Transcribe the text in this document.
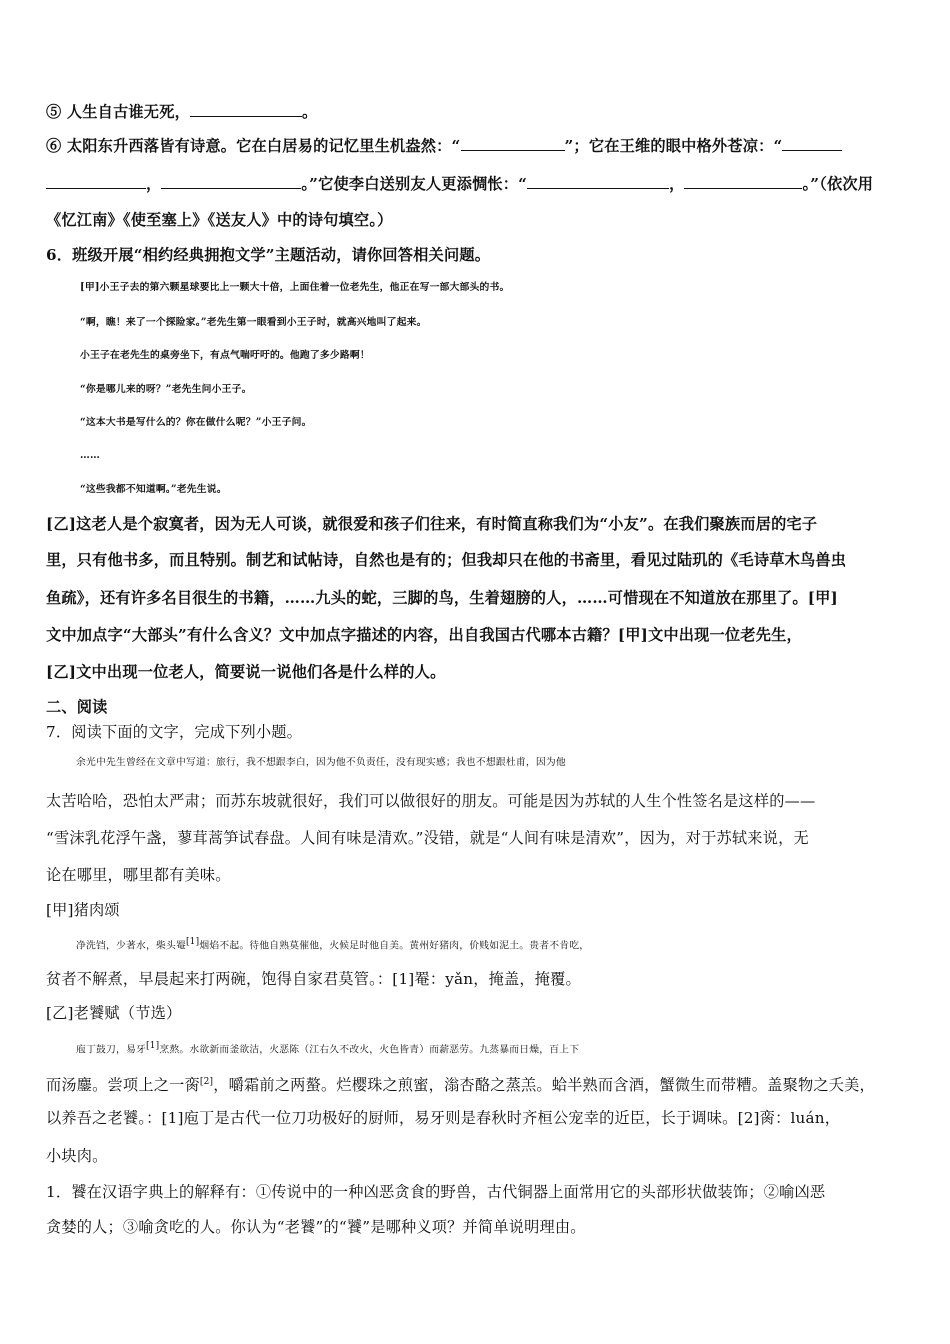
⑤ 人生自古谁无死，	。
⑥ 太阳东升西落皆有诗意。它在白居易的记忆里生机盎然：“	”；它在王维的眼中格外苍凉：“
，	。”它使李白送别友人更添惆怅：“	，	。”（依次用
《忆江南》《使至塞上》《送友人》中的诗句填空。）
6．班级开展“相约经典拥抱文学”主题活动，请你回答相关问题。
[甲]小王子去的第六颗星球要比上一颗大十倍，上面住着一位老先生，他正在写一部大部头的书。
“啊，瞧！来了一个探险家。”老先生第一眼看到小王子时，就高兴地叫了起来。
小王子在老先生的桌旁坐下，有点气喘吁吁的。他跑了多少路啊！
“你是哪儿来的呀？”老先生问小王子。
“这本大书是写什么的？你在做什么呢？”小王子问。
……
“这些我都不知道啊。”老先生说。
[乙]这老人是个寂寞者，因为无人可谈，就很爱和孩子们往来，有时简直称我们为“小友”。在我们聚族而居的宅子
里，只有他书多，而且特别。制艺和试帖诗，自然也是有的；但我却只在他的书斋里，看见过陆玑的《毛诗草木鸟兽虫
鱼疏》，还有许多名目很生的书籍，……九头的蛇，三脚的鸟，生着翅膀的人，……可惜现在不知道放在那里了。[甲]
文中加点字“大部头”有什么含义？文中加点字描述的内容，出自我国古代哪本古籍？[甲]文中出现一位老先生，
[乙]文中出现一位老人，简要说一说他们各是什么样的人。
二、阅读
7．阅读下面的文字，完成下列小题。
余光中先生曾经在文章中写道：旅行，我不想跟李白，因为他不负责任，没有现实感；我也不想跟杜甫，因为他
太苦哈哈，恐怕太严肃；而苏东坡就很好，我们可以做很好的朋友。可能是因为苏轼的人生个性签名是这样的——
“雪沫乳花浮午盏，蓼茸蒿笋试春盘。人间有味是清欢。”没错，就是“人间有味是清欢”，因为，对于苏轼来说，无
论在哪里，哪里都有美味。
[甲]猪肉颂
净洗铛，少著水，柴头罨[1]烟焰不起。待他自熟莫催他，火候足时他自美。黄州好猪肉，价贱如泥土。贵者不肯吃，
贫者不解煮，早晨起来打两碗，饱得自家君莫管。：[1]罨：yǎn，掩盖，掩覆。
[乙]老饕赋（节选）
庖丁鼓刀，易牙[1]烹熬。水欲新而釜欲洁，火恶陈（江右久不改火，火色皆青）而薪恶劳。九蒸暴而日燥，百上下
而汤鏖。尝项上之一脔[2]，嚼霜前之两螯。烂樱珠之煎蜜，滃杏酪之蒸羔。蛤半熟而含酒，蟹微生而带糟。盖聚物之夭美，
以养吾之老饕。：[1]庖丁是古代一位刀功极好的厨师，易牙则是春秋时齐桓公宠幸的近臣，长于调味。[2]脔：luán，
小块肉。
1．饕在汉语字典上的解释有：①传说中的一种凶恶贪食的野兽，古代铜器上面常用它的头部形状做装饰；②喻凶恶
贪婪的人；③喻贪吃的人。你认为“老饕”的“饕”是哪种义项？并简单说明理由。
